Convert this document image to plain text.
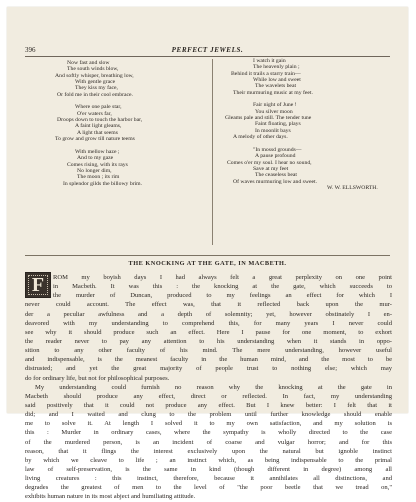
396	PERFECT JEWELS.
Now fast and slow
The south winds blow,
And softly whisper, breathing low,
With gentle grace
They kiss my face,
Or fold me in their cool embrace.
Where one pale star,
O'er waters far,
Droops down to touch the harbor bar,
A faint light gleams,
A light that seems
To grow and grow till nature teems
With mellow haze ;
And to my gaze
Comes rising, with its rays
No longer dim,
The moon ; its rim
In splendor gilds the billowy brim.
I watch it gain
The heavenly plain ;
Behind it trails a starry train—
While low and sweet
The wavelets beat
Their murmuring music at my feet.
Fair night of June !
You silver moon
Gleams pale and still. The tender tune
Faint floating, plays
In moonlit bays
A melody of other days.
"In mossd grounds—
A pause profound
Comes o'er my soul. I hear no sound,
Save at my feet
The ceaseless beat
Of waves murmuring low and sweet.
W. W. ELLSWORTH.
THE KNOCKING AT THE GATE, IN MACBETH.
F	ROM my boyish days I had always felt a great perplexity on one point
in Macbeth. It was this : the knocking at the gate, which succeeds to
the murder of Duncan, produced to my feelings an effect for which I
never could account. The effect was, that it reflected back upon the mur-
der a peculiar awfulness and a depth of solemnity; yet, however obstinately I en-
deavored with my understanding to comprehend this, for many years I never could
see why it should produce such an effect. Here I pause for one moment, to exhort
the reader never to pay any attention to his understanding when it stands in oppo-
sition to any other faculty of his mind. The mere understanding, however useful
and indispensable, is the meanest faculty in the human mind, and the most to be
distrusted; and yet the great majority of people trust to nothing else; which may
do for ordinary life, but not for philosophical purposes.
My understanding could furnish no reason why the knocking at the gate in
Macbeth should produce any effect, direct or reflected. In fact, my understanding
said positively that it could not produce any effect. But I knew better: I felt that it
did; and I waited and clung to the problem until further knowledge should enable
me to solve it. At length I solved it to my own satisfaction, and my solution is
this : Murder in ordinary cases, where the sympathy is wholly directed to the case
of the murdered person, is an incident of coarse and vulgar horror; and for this
reason, that it flings the interest exclusively upon the natural but ignoble instinct
by which we cleave to life ; an instinct which, as being indispensable to the primal
law of self-preservation, is the same in kind (though different in degree) among all
living creatures : this instinct, therefore, because it annihilates all distinctions, and
degrades the greatest of men to the level of "the poor beetle that we tread on,"
exhibits human nature in its most abject and humiliating attitude.
